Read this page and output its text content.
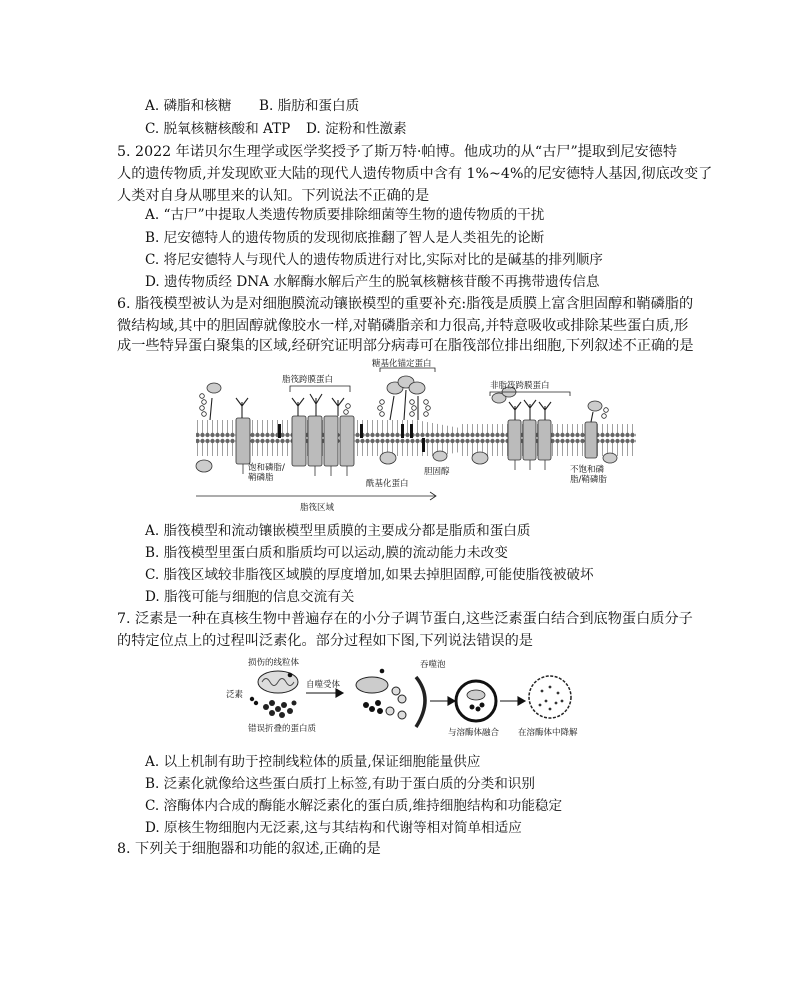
A. 磷脂和核糖 B. 脂肪和蛋白质
C. 脱氧核糖核酸和 ATP D. 淀粉和性激素
5. 2022 年诺贝尔生理学或医学奖授予了斯万特·帕博。他成功的从“古尸”提取到尼安德特
人的遗传物质,并发现欧亚大陆的现代人遗传物质中含有 1%~4%的尼安德特人基因,彻底改变了
人类对自身从哪里来的认知。下列说法不正确的是
A. “古尸”中提取人类遗传物质要排除细菌等生物的遗传物质的干扰
B. 尼安德特人的遗传物质的发现彻底推翻了智人是人类祖先的论断
C. 将尼安德特人与现代人的遗传物质进行对比,实际对比的是碱基的排列顺序
D. 遗传物质经 DNA 水解酶水解后产生的脱氧核糖核苷酸不再携带遗传信息
6. 脂筏模型被认为是对细胞膜流动镶嵌模型的重要补充:脂筏是质膜上富含胆固醇和鞘磷脂的
微结构域,其中的胆固醇就像胶水一样,对鞘磷脂亲和力很高,并特意吸收或排除某些蛋白质,形
成一些特异蛋白聚集的区域,经研究证明部分病毒可在脂筏部位排出细胞,下列叙述不正确的是
脂筏跨膜蛋白
糖基化锚定蛋白
非脂筏跨膜蛋白
饱和磷脂/
鞘磷脂
酰基化蛋白
胆固醇	不饱和磷
脂/鞘磷脂
脂筏区域
A. 脂筏模型和流动镶嵌模型里质膜的主要成分都是脂质和蛋白质
B. 脂筏模型里蛋白质和脂质均可以运动,膜的流动能力未改变
C. 脂筏区域较非脂筏区域膜的厚度增加,如果去掉胆固醇,可能使脂筏被破坏
D. 脂筏可能与细胞的信息交流有关
7. 泛素是一种在真核生物中普遍存在的小分子调节蛋白,这些泛素蛋白结合到底物蛋白质分子
的特定位点上的过程叫泛素化。部分过程如下图,下列说法错误的是
损伤的线粒体
泛素
自噬受体
错误折叠的蛋白质
吞噬泡
与溶酶体融合 在溶酶体中降解
A. 以上机制有助于控制线粒体的质量,保证细胞能量供应
B. 泛素化就像给这些蛋白质打上标签,有助于蛋白质的分类和识别
C. 溶酶体内合成的酶能水解泛素化的蛋白质,维持细胞结构和功能稳定
D. 原核生物细胞内无泛素,这与其结构和代谢等相对简单相适应
8. 下列关于细胞器和功能的叙述,正确的是
